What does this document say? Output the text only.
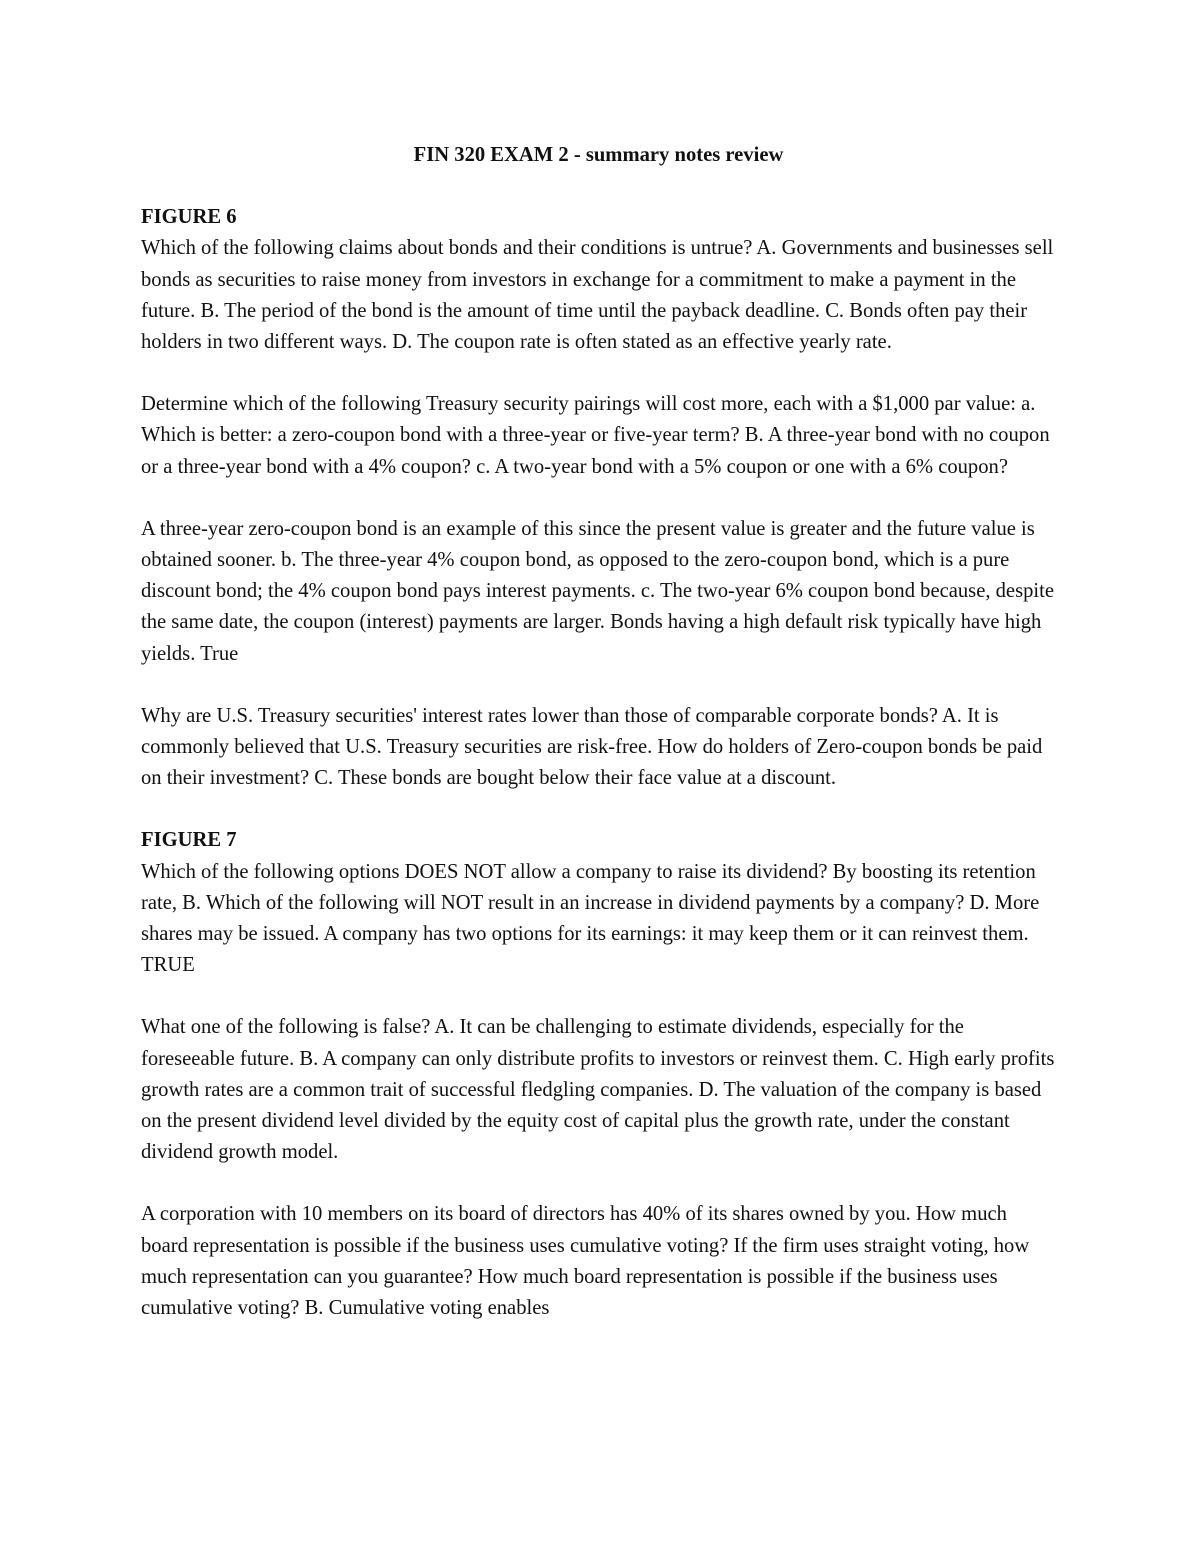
FIN 320 EXAM 2 - summary notes review

FIGURE 6

Which of the following claims about bonds and their conditions is untrue? A. Governments and businesses sell bonds as securities to raise money from investors in exchange for a commitment to make a payment in the future. B. The period of the bond is the amount of time until the payback deadline. C. Bonds often pay their holders in two different ways. D. The coupon rate is often stated as an effective yearly rate.

Determine which of the following Treasury security pairings will cost more, each with a $1,000 par value: a. Which is better: a zero-coupon bond with a three-year or five-year term? B. A three-year bond with no coupon or a three-year bond with a 4% coupon? c. A two-year bond with a 5% coupon or one with a 6% coupon?

A three-year zero-coupon bond is an example of this since the present value is greater and the future value is obtained sooner. b. The three-year 4% coupon bond, as opposed to the zero-coupon bond, which is a pure discount bond; the 4% coupon bond pays interest payments. c. The two-year 6% coupon bond because, despite the same date, the coupon (interest) payments are larger. Bonds having a high default risk typically have high yields. True

Why are U.S. Treasury securities' interest rates lower than those of comparable corporate bonds? A. It is commonly believed that U.S. Treasury securities are risk-free. How do holders of Zero-coupon bonds be paid on their investment? C. These bonds are bought below their face value at a discount.

FIGURE 7

Which of the following options DOES NOT allow a company to raise its dividend? By boosting its retention rate, B. Which of the following will NOT result in an increase in dividend payments by a company? D. More shares may be issued. A company has two options for its earnings: it may keep them or it can reinvest them. TRUE

What one of the following is false? A. It can be challenging to estimate dividends, especially for the foreseeable future. B. A company can only distribute profits to investors or reinvest them. C. High early profits growth rates are a common trait of successful fledgling companies. D. The valuation of the company is based on the present dividend level divided by the equity cost of capital plus the growth rate, under the constant dividend growth model.

A corporation with 10 members on its board of directors has 40% of its shares owned by you. How much board representation is possible if the business uses cumulative voting? If the firm uses straight voting, how much representation can you guarantee? How much board representation is possible if the business uses cumulative voting? B. Cumulative voting enables
